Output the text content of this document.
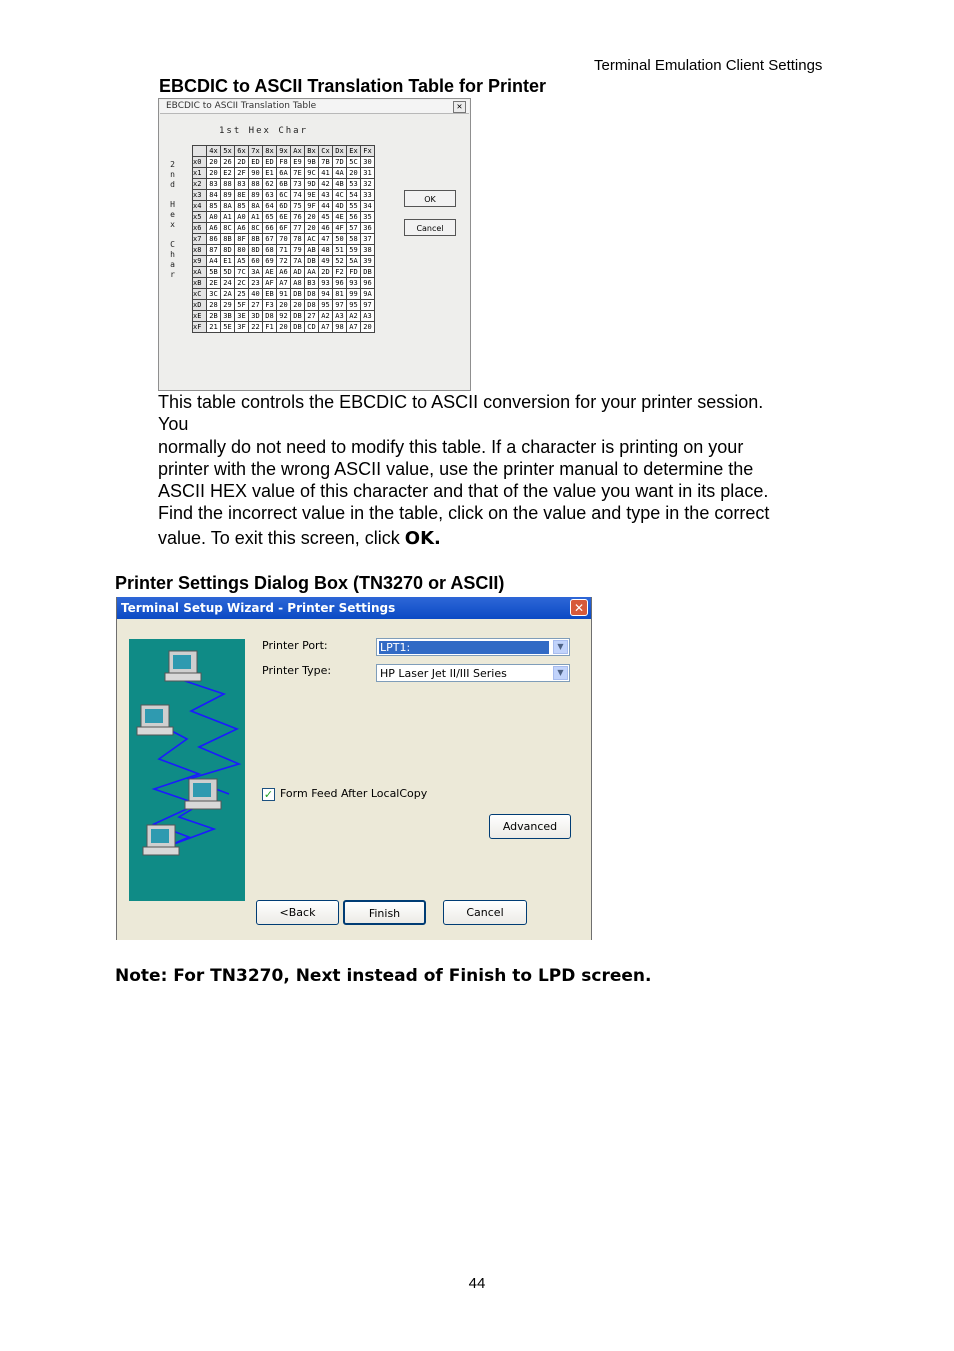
Terminal Emulation Client Settings
EBCDIC to ASCII Translation Table for Printer
EBCDIC to ASCII Translation Table	✕
1st Hex Char
2
n
d

H
e
x

C
h
a
r
	4x	5x	6x	7x	8x	9x	Ax	Bx	Cx	Dx	Ex	Fx
x0	20	26	2D	ED	ED	F8	E9	9B	7B	7D	5C	30
x1	20	E2	2F	90	E1	6A	7E	9C	41	4A	20	31
x2	83	88	83	88	62	6B	73	9D	42	4B	53	32
x3	84	89	8E	89	63	6C	74	9E	43	4C	54	33
x4	85	8A	85	8A	64	6D	75	9F	44	4D	55	34
x5	A0	A1	A0	A1	65	6E	76	20	45	4E	56	35
x6	A6	8C	A6	8C	66	6F	77	20	46	4F	57	36
x7	86	8B	8F	8B	67	70	78	AC	47	50	58	37
x8	87	8D	80	8D	68	71	79	AB	48	51	59	38
x9	A4	E1	A5	60	69	72	7A	DB	49	52	5A	39
xA	5B	5D	7C	3A	AE	A6	AD	AA	2D	F2	FD	DB
xB	2E	24	2C	23	AF	A7	A8	B3	93	96	93	96
xC	3C	2A	25	40	EB	91	DB	D8	94	81	99	9A
xD	28	29	5F	27	F3	20	20	D8	95	97	95	97
xE	2B	3B	3E	3D	D8	92	DB	27	A2	A3	A2	A3
xF	21	5E	3F	22	F1	20	DB	CD	A7	98	A7	20
OK
Cancel
This table controls the EBCDIC to ASCII conversion for your printer session.
You
normally do not need to modify this table. If a character is printing on your
printer with the wrong ASCII value, use the printer manual to determine the
ASCII HEX value of this character and that of the value you want in its place.
Find the incorrect value in the table, click on the value and type in the correct
value. To exit this screen, click OK.
Printer Settings Dialog Box (TN3270 or ASCII)
Terminal Setup Wizard - Printer Settings	✕
Printer Port:	LPT1:	▼
Printer Type:	HP Laser Jet II/III Series	▼
✓ Form Feed After LocalCopy
Advanced
<Back	Finish	Cancel
Note: For TN3270, Next instead of Finish to LPD screen.
44
